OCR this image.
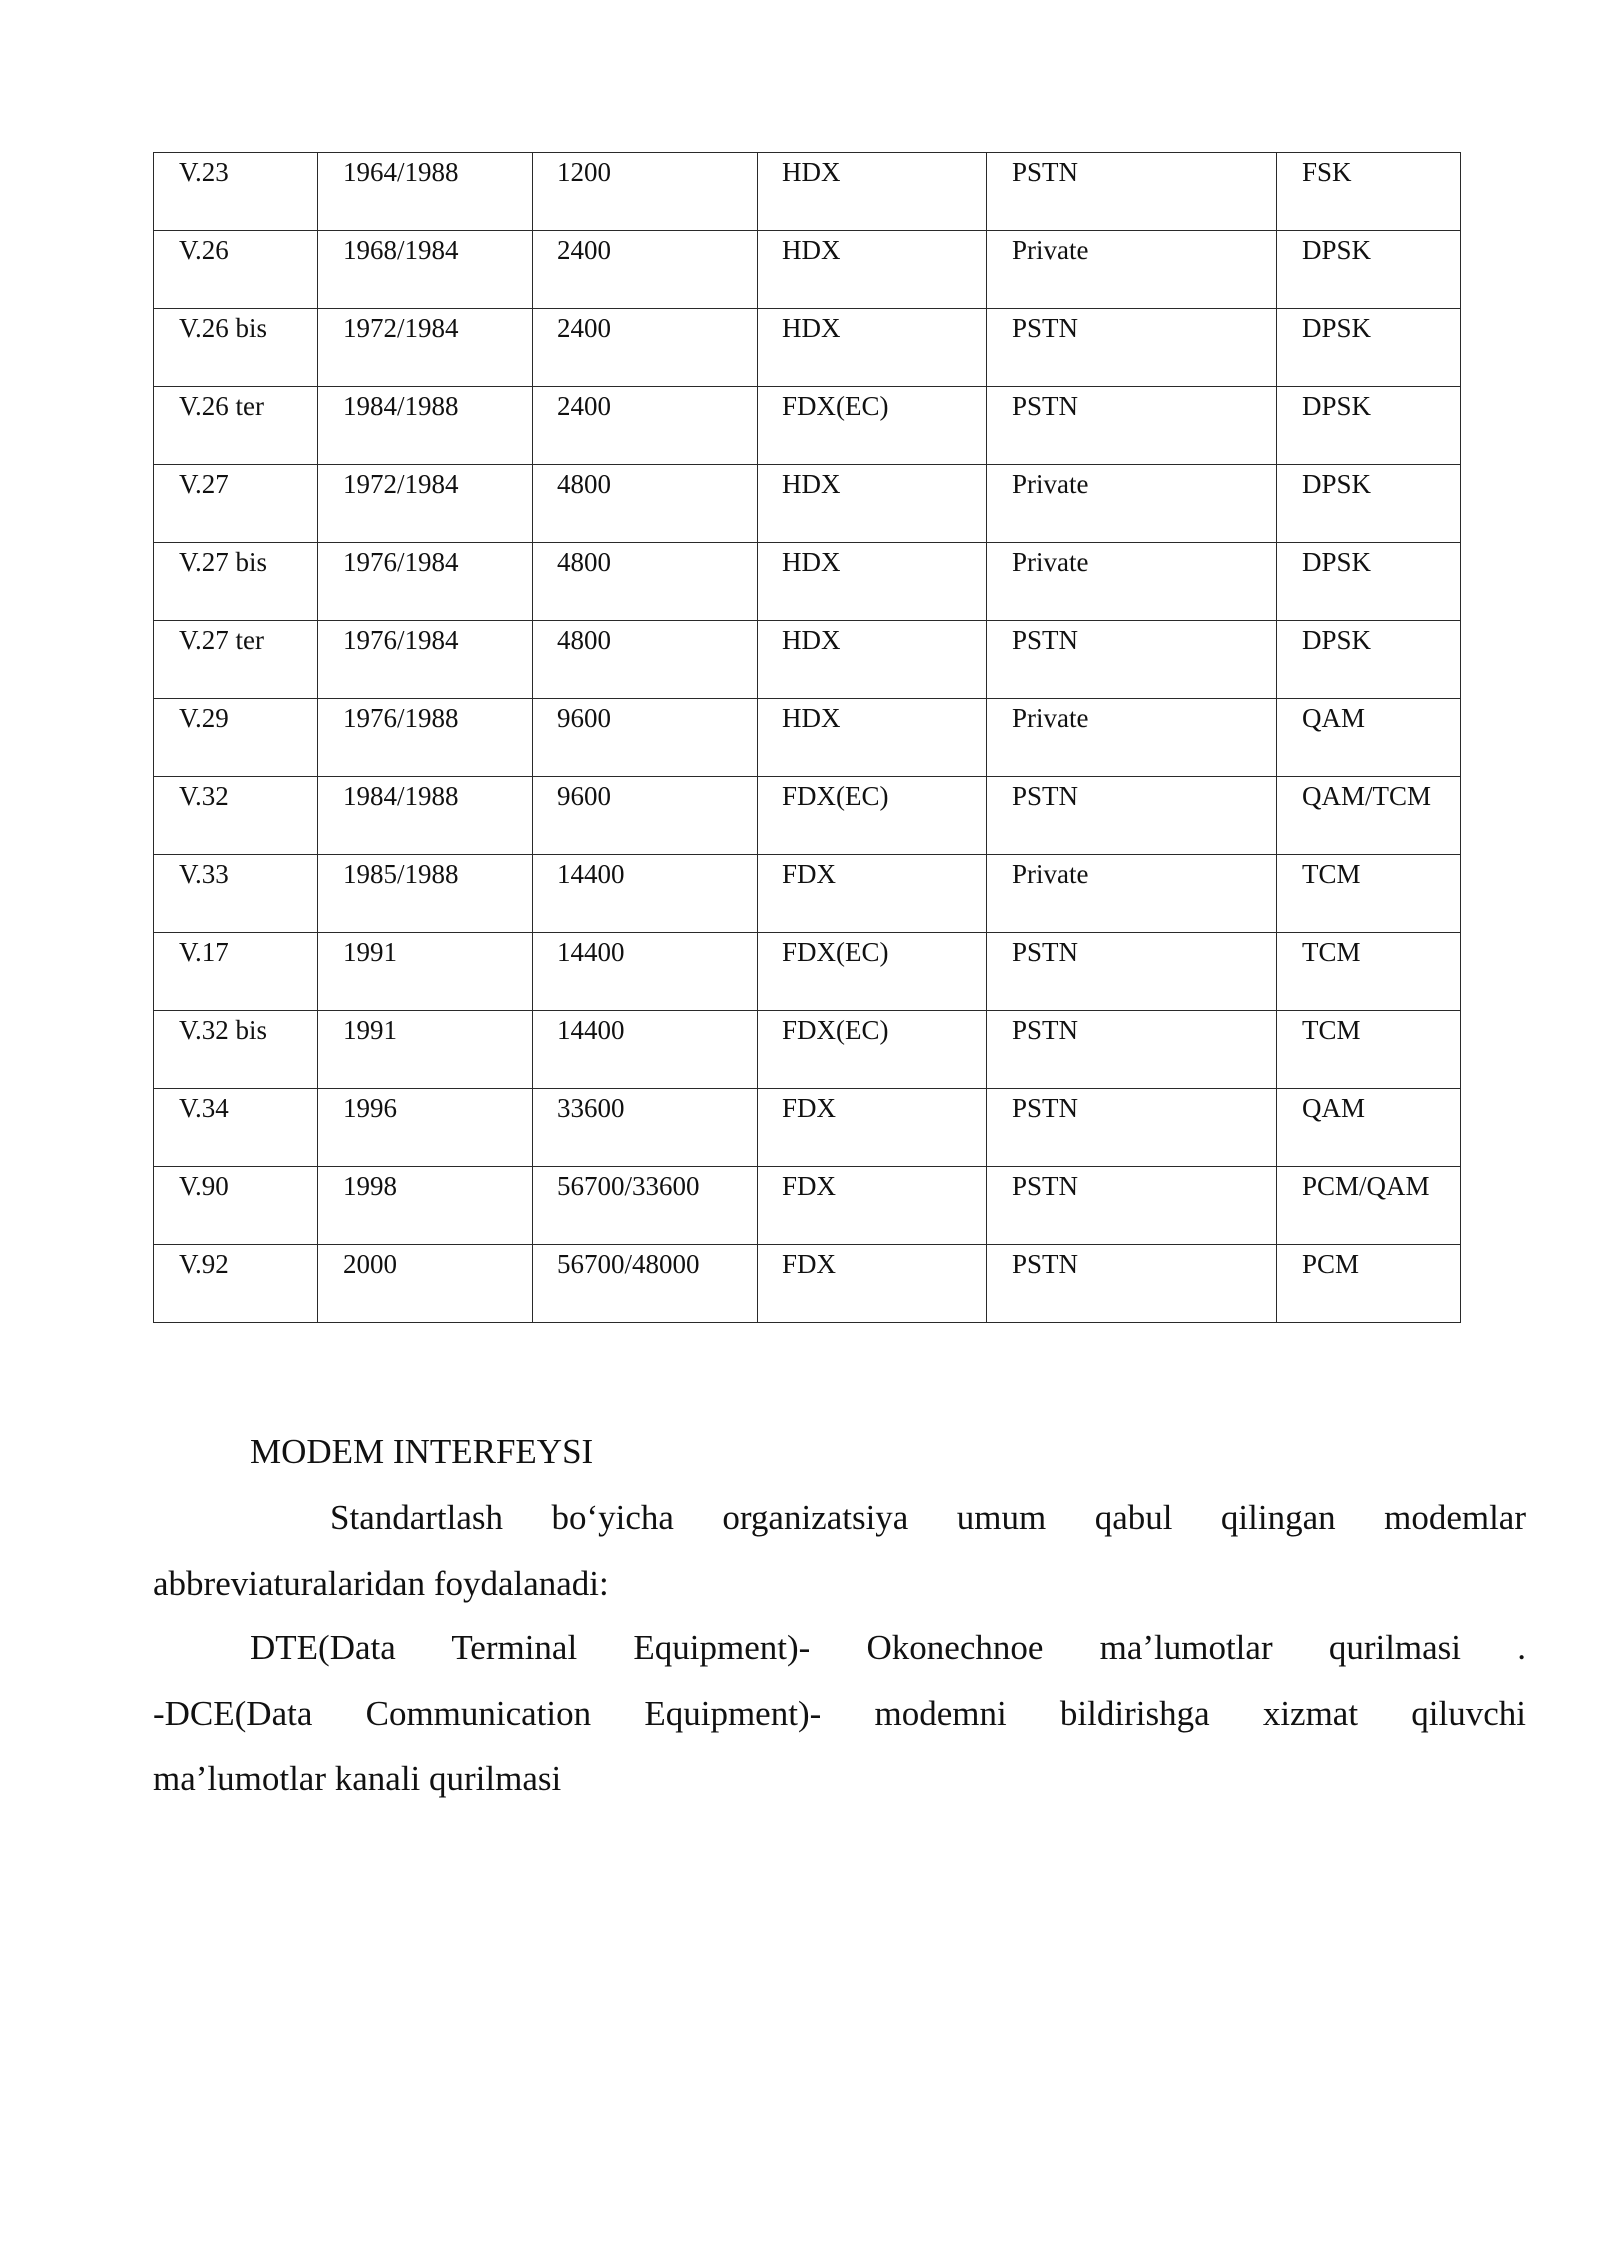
V.23	1964/1988	1200	HDX	PSTN	FSK
V.26	1968/1984	2400	HDX	Private	DPSK
V.26 bis	1972/1984	2400	HDX	PSTN	DPSK
V.26 ter	1984/1988	2400	FDX(EC)	PSTN	DPSK
V.27	1972/1984	4800	HDX	Private	DPSK
V.27 bis	1976/1984	4800	HDX	Private	DPSK
V.27 ter	1976/1984	4800	HDX	PSTN	DPSK
V.29	1976/1988	9600	HDX	Private	QAM
V.32	1984/1988	9600	FDX(EC)	PSTN	QAM/TCM
V.33	1985/1988	14400	FDX	Private	TCM
V.17	1991	14400	FDX(EC)	PSTN	TCM
V.32 bis	1991	14400	FDX(EC)	PSTN	TCM
V.34	1996	33600	FDX	PSTN	QAM
V.90	1998	56700/33600	FDX	PSTN	PCM/QAM
V.92	2000	56700/48000	FDX	PSTN	PCM
MODEM INTERFEYSI
Standartlash bo‘yicha organizatsiya umum qabul qilingan modemlar
abbreviaturalaridan foydalanadi:
DTE(Data Terminal Equipment)- Okonechnoe ma’lumotlar qurilmasi .
-DCE(Data Communication Equipment)- modemni bildirishga xizmat qiluvchi
ma’lumotlar kanali qurilmasi
